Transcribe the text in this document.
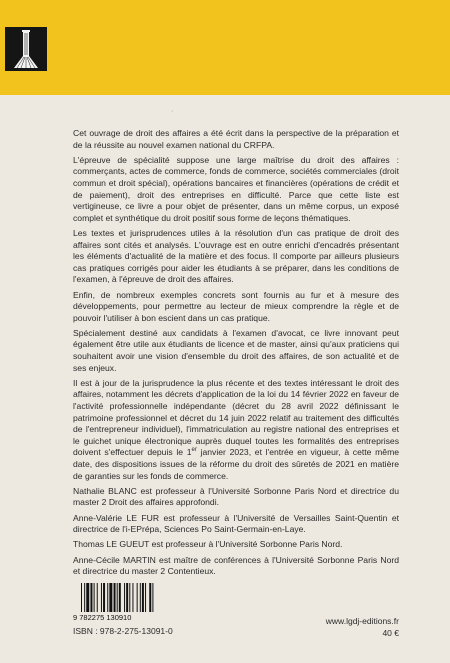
·

Cet ouvrage de droit des affaires a été écrit dans la perspective de la préparation et de la réussite au nouvel examen national du CRFPA.

L'épreuve de spécialité suppose une large maîtrise du droit des affaires : commerçants, actes de commerce, fonds de commerce, sociétés commerciales (droit commun et droit spécial), opérations bancaires et financières (opérations de crédit et de paiement), droit des entreprises en difficulté. Parce que cette liste est vertigineuse, ce livre a pour objet de présenter, dans un même corpus, un exposé complet et synthétique du droit positif sous forme de leçons thématiques.

Les textes et jurisprudences utiles à la résolution d'un cas pratique de droit des affaires sont cités et analysés. L'ouvrage est en outre enrichi d'encadrés présentant les éléments d'actualité de la matière et des focus. Il comporte par ailleurs plusieurs cas pratiques corrigés pour aider les étudiants à se préparer, dans les conditions de l'examen, à l'épreuve de droit des affaires.

Enfin, de nombreux exemples concrets sont fournis au fur et à mesure des développements, pour permettre au lecteur de mieux comprendre la règle et de pouvoir l'utiliser à bon escient dans un cas pratique.

Spécialement destiné aux candidats à l'examen d'avocat, ce livre innovant peut également être utile aux étudiants de licence et de master, ainsi qu'aux praticiens qui souhaitent avoir une vision d'ensemble du droit des affaires, de son actualité et de ses enjeux.

Il est à jour de la jurisprudence la plus récente et des textes intéressant le droit des affaires, notamment les décrets d'application de la loi du 14 février 2022 en faveur de l'activité professionnelle indépendante (décret du 28 avril 2022 définissant le patrimoine professionnel et décret du 14 juin 2022 relatif au traitement des difficultés de l'entrepreneur individuel), l'immatriculation au registre national des entreprises et le guichet unique électronique auprès duquel toutes les formalités des entreprises doivent s'effectuer depuis le 1er janvier 2023, et l'entrée en vigueur, à cette même date, des dispositions issues de la réforme du droit des sûretés de 2021 en matière de garanties sur les fonds de commerce.

Nathalie BLANC est professeur à l'Université Sorbonne Paris Nord et directrice du master 2 Droit des affaires approfondi.

Anne-Valérie LE FUR est professeur à l'Université de Versailles Saint-Quentin et directrice de l'i-EPrépa, Sciences Po Saint-Germain-en-Laye.

Thomas LE GUEUT est professeur à l'Université Sorbonne Paris Nord.

Anne-Cécile MARTIN est maître de conférences à l'Université Sorbonne Paris Nord et directrice du master 2 Contentieux.

9 782275 130910
ISBN : 978-2-275-13091-0
www.lgdj-editions.fr
40 €
